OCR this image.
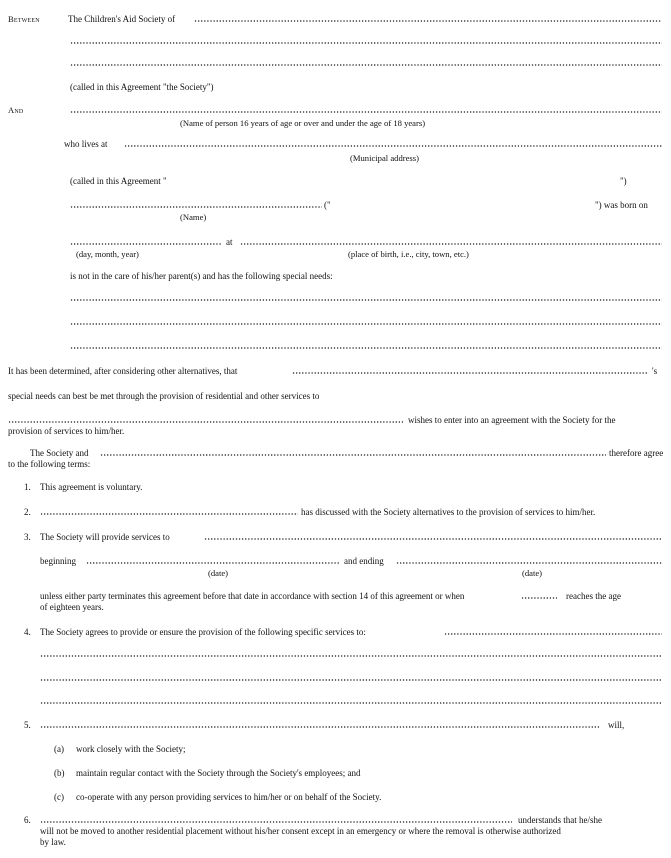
Between	The Children's Aid Society of
(called in this Agreement "the Society")
And
(Name of person 16 years of age or over and under the age of 18 years)
who lives at
(Municipal address)
(called in this Agreement "	")
("	") was born on
(Name)
at
(day, month, year)	(place of birth, i.e., city, town, etc.)
is not in the care of his/her parent(s) and has the following special needs:
It has been determined, after considering other alternatives, that	's
special needs can best be met through the provision of residential and other services to
wishes to enter into an agreement with the Society for the
provision of services to him/her.
The Society and	therefore agree
to the following terms:
1. This agreement is voluntary.
2.	has discussed with the Society alternatives to the provision of services to him/her.
3. The Society will provide services to
beginning	and ending
(date)	(date)
unless either party terminates this agreement before that date in accordance with section 14 of this agreement or when	reaches the age
of eighteen years.
4. The Society agrees to provide or ensure the provision of the following specific services to:
5.	will,
(a) work closely with the Society;
(b) maintain regular contact with the Society through the Society's employees; and
(c) co-operate with any person providing services to him/her or on behalf of the Society.
6.	understands that he/she
will not be moved to another residential placement without his/her consent except in an emergency or where the removal is otherwise authorized
by law.
